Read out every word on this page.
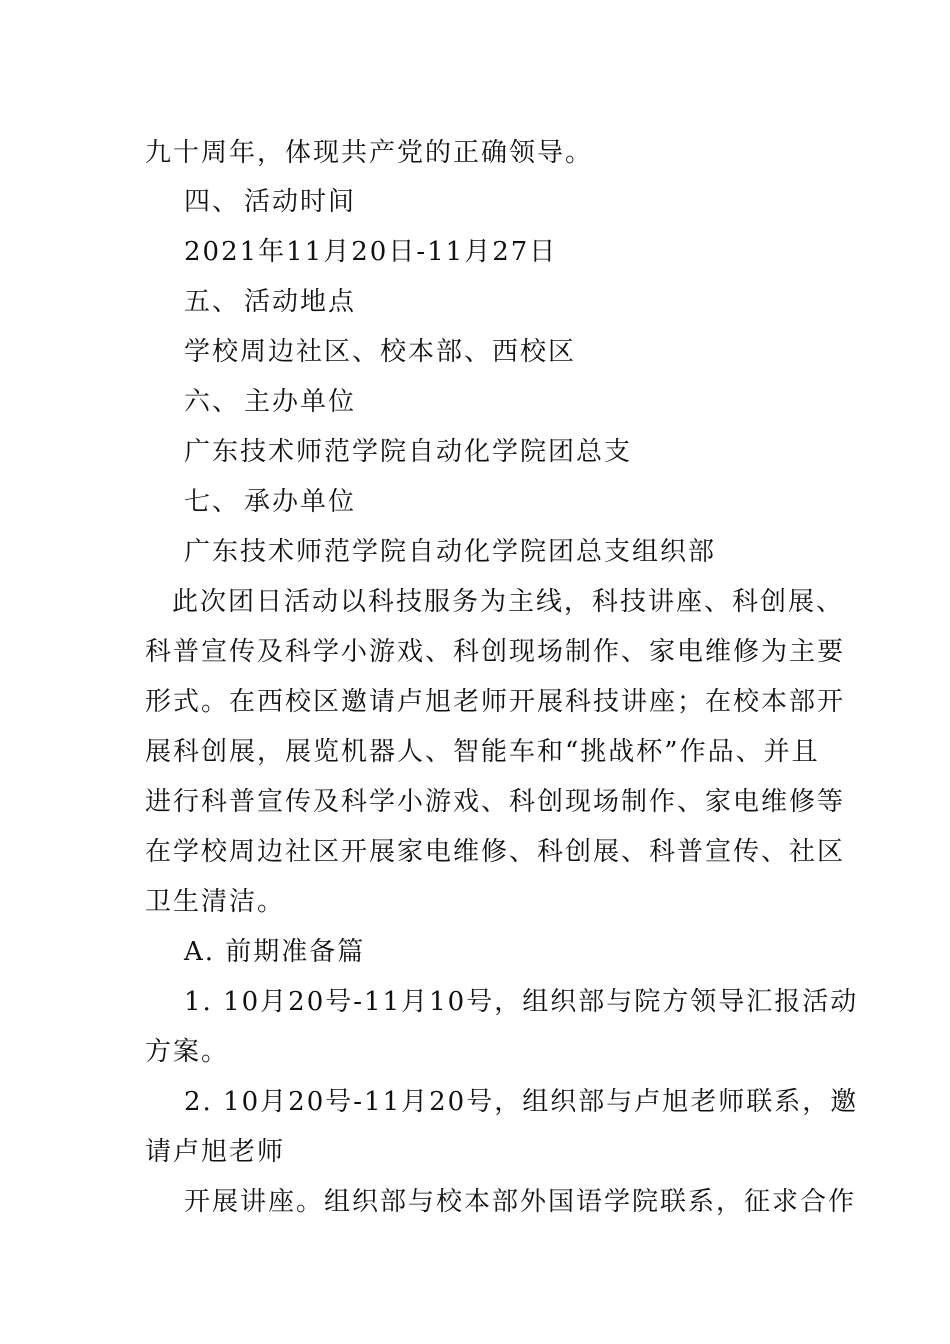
九十周年，体现共产党的正确领导。
四、 活动时间
2021年11月20日-11月27日
五、 活动地点
学校周边社区、校本部、西校区
六、 主办单位
广东技术师范学院自动化学院团总支
七、 承办单位
广东技术师范学院自动化学院团总支组织部
此次团日活动以科技服务为主线，科技讲座、科创展、
科普宣传及科学小游戏、科创现场制作、家电维修为主要
形式。在西校区邀请卢旭老师开展科技讲座；在校本部开
展科创展，展览机器人、智能车和“挑战杯”作品、并且
进行科普宣传及科学小游戏、科创现场制作、家电维修等
在学校周边社区开展家电维修、科创展、科普宣传、社区
卫生清洁。
A. 前期准备篇
1. 10月20号-11月10号，组织部与院方领导汇报活动
方案。
2. 10月20号-11月20号，组织部与卢旭老师联系，邀
请卢旭老师
开展讲座。组织部与校本部外国语学院联系，征求合作
